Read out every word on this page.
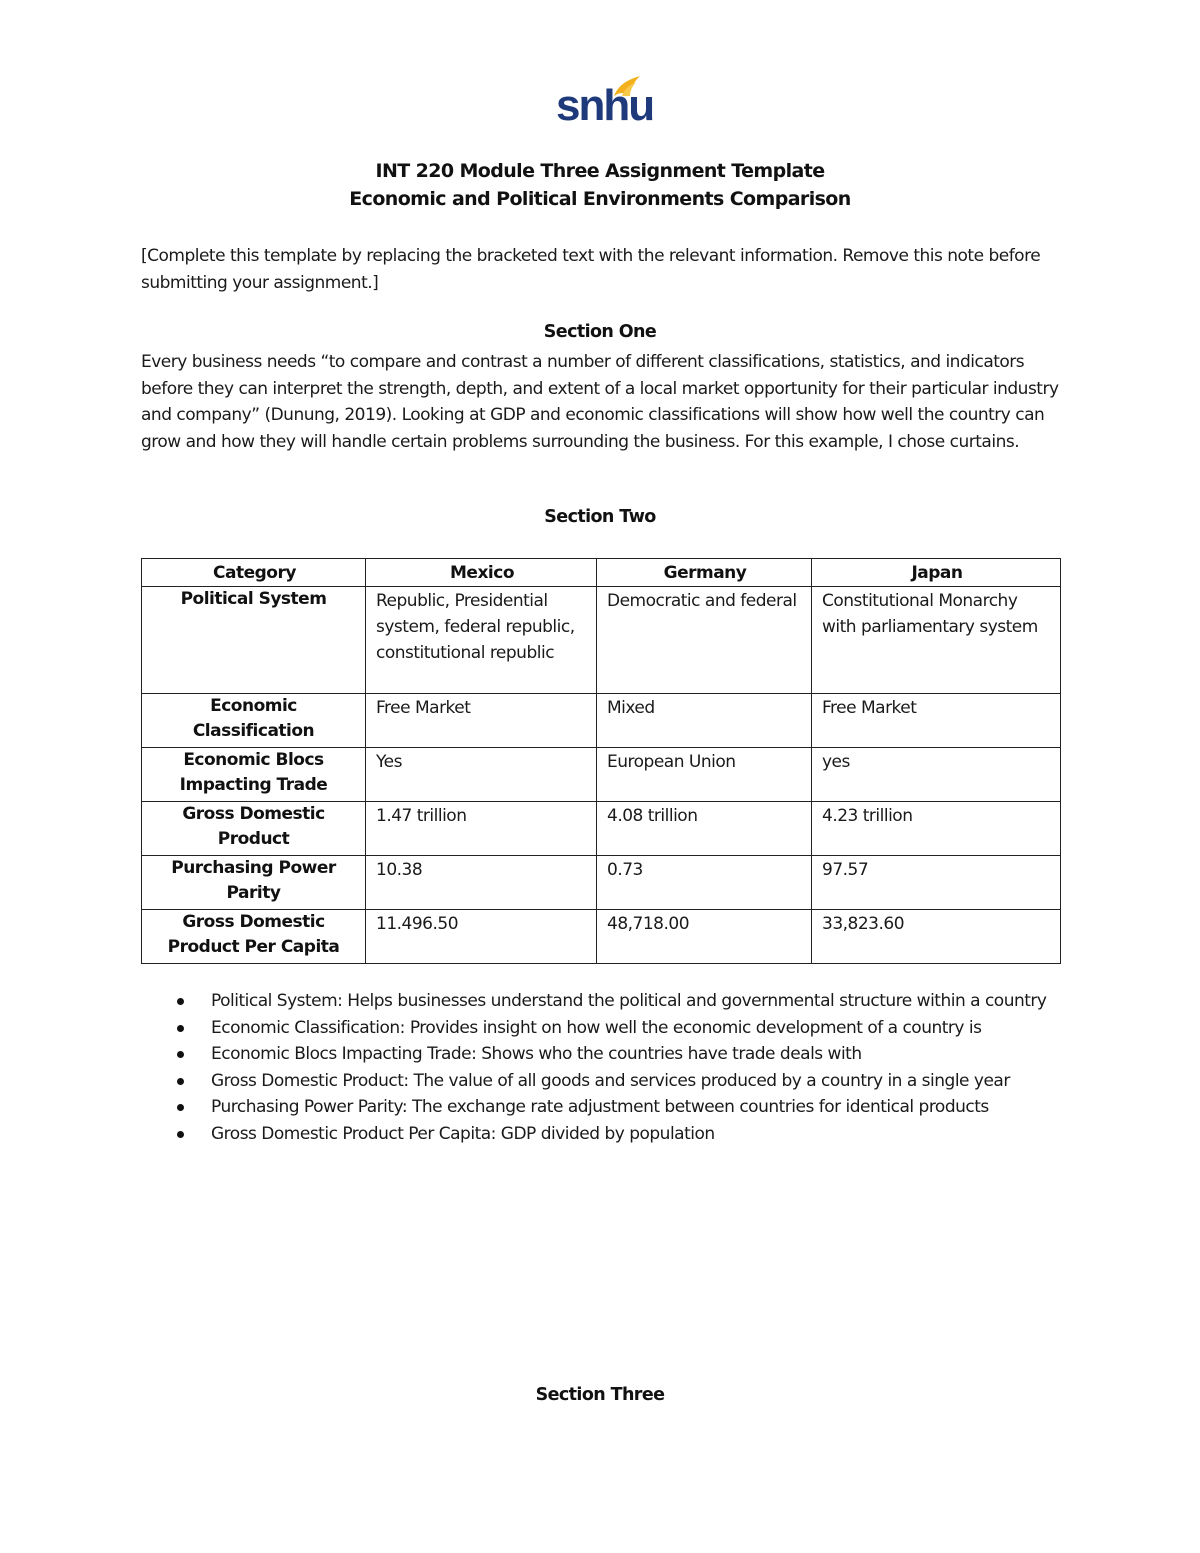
snhu
INT 220 Module Three Assignment Template
Economic and Political Environments Comparison
[Complete this template by replacing the bracketed text with the relevant information. Remove this note before submitting your assignment.]
Section One
Every business needs “to compare and contrast a number of different classifications, statistics, and indicators before they can interpret the strength, depth, and extent of a local market opportunity for their particular industry and company” (Dunung, 2019). Looking at GDP and economic classifications will show how well the country can grow and how they will handle certain problems surrounding the business. For this example, I chose curtains.
Section Two
Category	Mexico	Germany	Japan
Political System	Republic, Presidential system, federal republic, constitutional republic	Democratic and federal	Constitutional Monarchy with parliamentary system
Economic Classification	Free Market	Mixed	Free Market
Economic Blocs Impacting Trade	Yes	European Union	yes
Gross Domestic Product	1.47 trillion	4.08 trillion	4.23 trillion
Purchasing Power Parity	10.38	0.73	97.57
Gross Domestic Product Per Capita	11.496.50	48,718.00	33,823.60
Political System: Helps businesses understand the political and governmental structure within a country
Economic Classification: Provides insight on how well the economic development of a country is
Economic Blocs Impacting Trade: Shows who the countries have trade deals with
Gross Domestic Product: The value of all goods and services produced by a country in a single year
Purchasing Power Parity: The exchange rate adjustment between countries for identical products
Gross Domestic Product Per Capita: GDP divided by population
Section Three
